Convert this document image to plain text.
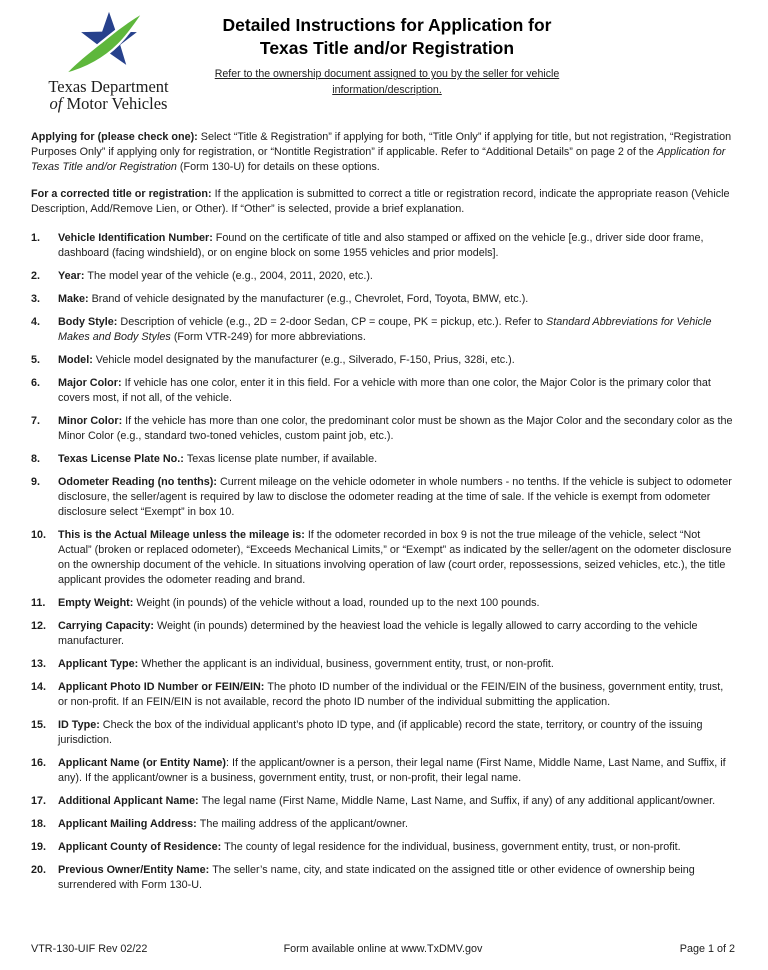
Texas Department
of Motor Vehicles
Detailed Instructions for Application for
Texas Title and/or Registration
Refer to the ownership document assigned to you by the seller for vehicle information/description.

Applying for (please check one): Select “Title & Registration” if applying for both, “Title Only” if applying for title, but not registration, “Registration Purposes Only” if applying only for registration, or “Nontitle Registration” if applicable. Refer to “Additional Details” on page 2 of the Application for Texas Title and/or Registration (Form 130-U) for details on these options.

For a corrected title or registration: If the application is submitted to correct a title or registration record, indicate the appropriate reason (Vehicle Description, Add/Remove Lien, or Other). If “Other” is selected, provide a brief explanation.

1.	Vehicle Identification Number: Found on the certificate of title and also stamped or affixed on the vehicle [e.g., driver side door frame, dashboard (facing windshield), or on engine block on some 1955 vehicles and prior models].
2.	Year: The model year of the vehicle (e.g., 2004, 2011, 2020, etc.).
3.	Make: Brand of vehicle designated by the manufacturer (e.g., Chevrolet, Ford, Toyota, BMW, etc.).
4.	Body Style: Description of vehicle (e.g., 2D = 2-door Sedan, CP = coupe, PK = pickup, etc.). Refer to Standard Abbreviations for Vehicle Makes and Body Styles (Form VTR-249) for more abbreviations.
5.	Model: Vehicle model designated by the manufacturer (e.g., Silverado, F-150, Prius, 328i, etc.).
6.	Major Color: If vehicle has one color, enter it in this field. For a vehicle with more than one color, the Major Color is the primary color that covers most, if not all, of the vehicle.
7.	Minor Color: If the vehicle has more than one color, the predominant color must be shown as the Major Color and the secondary color as the Minor Color (e.g., standard two-toned vehicles, custom paint job, etc.).
8.	Texas License Plate No.: Texas license plate number, if available.
9.	Odometer Reading (no tenths): Current mileage on the vehicle odometer in whole numbers - no tenths. If the vehicle is subject to odometer disclosure, the seller/agent is required by law to disclose the odometer reading at the time of sale. If the vehicle is exempt from odometer disclosure select “Exempt” in box 10.
10.	This is the Actual Mileage unless the mileage is: If the odometer recorded in box 9 is not the true mileage of the vehicle, select “Not Actual” (broken or replaced odometer), “Exceeds Mechanical Limits,” or “Exempt” as indicated by the seller/agent on the odometer disclosure on the ownership document of the vehicle. In situations involving operation of law (court order, repossessions, seized vehicles, etc.), the title applicant provides the odometer reading and brand.
11.	Empty Weight: Weight (in pounds) of the vehicle without a load, rounded up to the next 100 pounds.
12.	Carrying Capacity: Weight (in pounds) determined by the heaviest load the vehicle is legally allowed to carry according to the vehicle manufacturer.
13.	Applicant Type: Whether the applicant is an individual, business, government entity, trust, or non-profit.
14.	Applicant Photo ID Number or FEIN/EIN: The photo ID number of the individual or the FEIN/EIN of the business, government entity, trust, or non-profit. If an FEIN/EIN is not available, record the photo ID number of the individual submitting the application.
15.	ID Type: Check the box of the individual applicant’s photo ID type, and (if applicable) record the state, territory, or country of the issuing jurisdiction.
16.	Applicant Name (or Entity Name): If the applicant/owner is a person, their legal name (First Name, Middle Name, Last Name, and Suffix, if any). If the applicant/owner is a business, government entity, trust, or non-profit, their legal name.
17.	Additional Applicant Name: The legal name (First Name, Middle Name, Last Name, and Suffix, if any) of any additional applicant/owner.
18.	Applicant Mailing Address: The mailing address of the applicant/owner.
19.	Applicant County of Residence: The county of legal residence for the individual, business, government entity, trust, or non-profit.
20.	Previous Owner/Entity Name: The seller’s name, city, and state indicated on the assigned title or other evidence of ownership being surrendered with Form 130-U.
Form available online at www.TxDMV.gov
VTR-130-UIF Rev 02/22	Page 1 of 2
